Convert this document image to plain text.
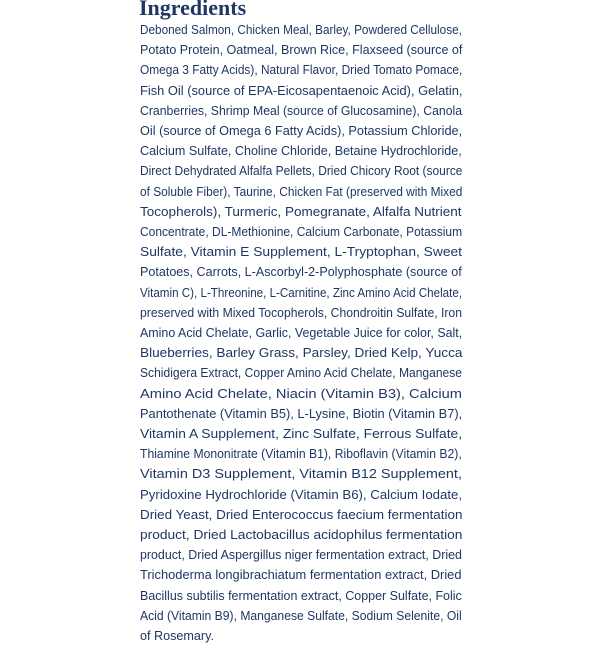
Ingredients
Deboned Salmon, Chicken Meal, Barley, Powdered Cellulose,
Potato Protein, Oatmeal, Brown Rice, Flaxseed (source of
Omega 3 Fatty Acids), Natural Flavor, Dried Tomato Pomace,
Fish Oil (source of EPA-Eicosapentaenoic Acid), Gelatin,
Cranberries, Shrimp Meal (source of Glucosamine), Canola
Oil (source of Omega 6 Fatty Acids), Potassium Chloride,
Calcium Sulfate, Choline Chloride, Betaine Hydrochloride,
Direct Dehydrated Alfalfa Pellets, Dried Chicory Root (source
of Soluble Fiber), Taurine, Chicken Fat (preserved with Mixed
Tocopherols), Turmeric, Pomegranate, Alfalfa Nutrient
Concentrate, DL-Methionine, Calcium Carbonate, Potassium
Sulfate, Vitamin E Supplement, L-Tryptophan, Sweet
Potatoes, Carrots, L-Ascorbyl-2-Polyphosphate (source of
Vitamin C), L-Threonine, L-Carnitine, Zinc Amino Acid Chelate,
preserved with Mixed Tocopherols, Chondroitin Sulfate, Iron
Amino Acid Chelate, Garlic, Vegetable Juice for color, Salt,
Blueberries, Barley Grass, Parsley, Dried Kelp, Yucca
Schidigera Extract, Copper Amino Acid Chelate, Manganese
Amino Acid Chelate, Niacin (Vitamin B3), Calcium
Pantothenate (Vitamin B5), L-Lysine, Biotin (Vitamin B7),
Vitamin A Supplement, Zinc Sulfate, Ferrous Sulfate,
Thiamine Mononitrate (Vitamin B1), Riboflavin (Vitamin B2),
Vitamin D3 Supplement, Vitamin B12 Supplement,
Pyridoxine Hydrochloride (Vitamin B6), Calcium Iodate,
Dried Yeast, Dried Enterococcus faecium fermentation
product, Dried Lactobacillus acidophilus fermentation
product, Dried Aspergillus niger fermentation extract, Dried
Trichoderma longibrachiatum fermentation extract, Dried
Bacillus subtilis fermentation extract, Copper Sulfate, Folic
Acid (Vitamin B9), Manganese Sulfate, Sodium Selenite, Oil
of Rosemary.
